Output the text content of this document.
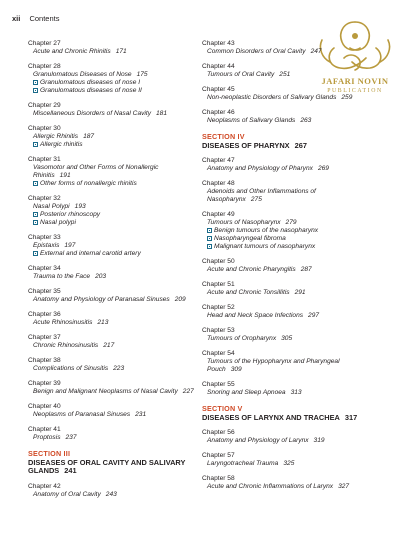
xii Contents
JAFARI NOVIN
PUBLICATION
Chapter 27
Acute and Chronic Rhinitis 171
Chapter 28
Granulomatous Diseases of Nose 175
Granulomatous diseases of nose I
Granulomatous diseases of nose II
Chapter 29
Miscellaneous Disorders of Nasal Cavity 181
Chapter 30
Allergic Rhinitis 187
Allergic rhinitis
Chapter 31
Vasomotor and Other Forms of Nonallergic Rhinitis 191
Other forms of nonallergic rhinitis
Chapter 32
Nasal Polypi 193
Posterior rhinoscopy
Nasal polypi
Chapter 33
Epistaxis 197
External and internal carotid artery
Chapter 34
Trauma to the Face 203
Chapter 35
Anatomy and Physiology of Paranasal Sinuses 209
Chapter 36
Acute Rhinosinusitis 213
Chapter 37
Chronic Rhinosinusitis 217
Chapter 38
Complications of Sinusitis 223
Chapter 39
Benign and Malignant Neoplasms of Nasal Cavity 227
Chapter 40
Neoplasms of Paranasal Sinuses 231
Chapter 41
Proptosis 237
SECTION III
DISEASES OF ORAL CAVITY AND SALIVARY GLANDS 241
Chapter 42
Anatomy of Oral Cavity 243
Chapter 43
Common Disorders of Oral Cavity 247
Chapter 44
Tumours of Oral Cavity 251
Chapter 45
Non-neoplastic Disorders of Salivary Glands 259
Chapter 46
Neoplasms of Salivary Glands 263
SECTION IV
DISEASES OF PHARYNX 267
Chapter 47
Anatomy and Physiology of Pharynx 269
Chapter 48
Adenoids and Other Inflammations of Nasopharynx 275
Chapter 49
Tumours of Nasopharynx 279
Benign tumours of the nasopharynx
Nasopharyngeal fibroma
Malignant tumours of nasopharynx
Chapter 50
Acute and Chronic Pharyngitis 287
Chapter 51
Acute and Chronic Tonsillitis 291
Chapter 52
Head and Neck Space Infections 297
Chapter 53
Tumours of Oropharynx 305
Chapter 54
Tumours of the Hypopharynx and Pharyngeal Pouch 309
Chapter 55
Snoring and Sleep Apnoea 313
SECTION V
DISEASES OF LARYNX AND TRACHEA 317
Chapter 56
Anatomy and Physiology of Larynx 319
Chapter 57
Laryngotracheal Trauma 325
Chapter 58
Acute and Chronic Inflammations of Larynx 327
